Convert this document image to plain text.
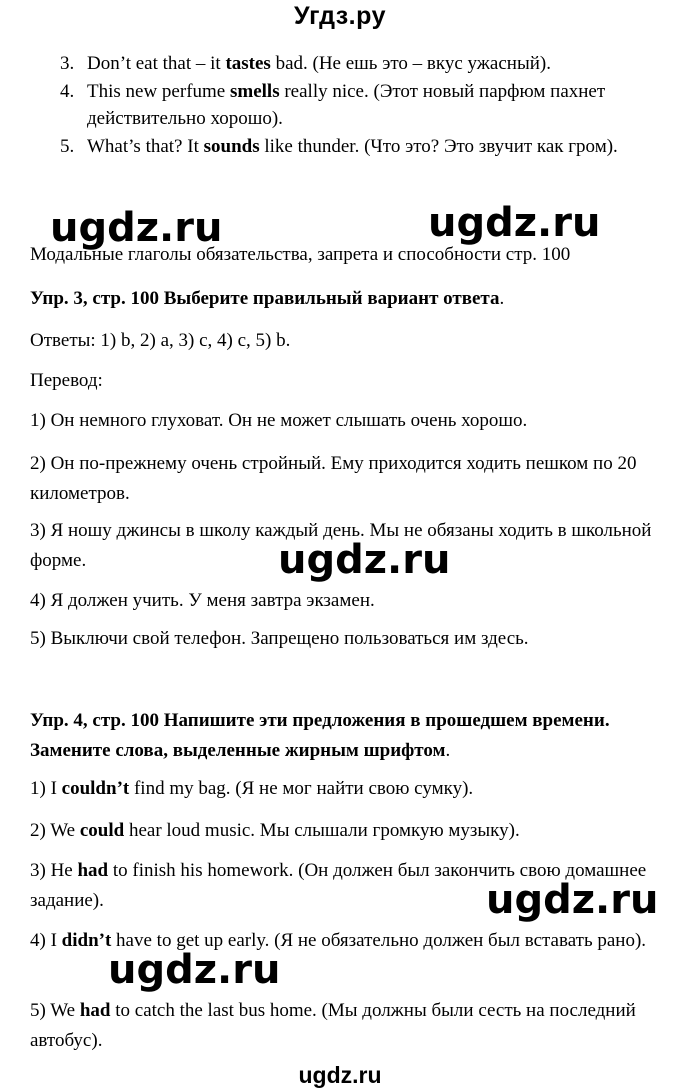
Угдз.ру
3. Don’t eat that – it tastes bad. (Не ешь это – вкус ужасный).
4. This new perfume smells really nice. (Этот новый парфюм пахнет действительно хорошо).
5. What’s that? It sounds like thunder. (Что это? Это звучит как гром).
ugdz.ru	ugdz.ru

Модальные глаголы обязательства, запрета и способности стр. 100

Упр. 3, стр. 100 Выберите правильный вариант ответа.

Ответы: 1) b, 2) a, 3) c, 4) c, 5) b.

Перевод:

1) Он немного глуховат. Он не может слышать очень хорошо.

2) Он по-прежнему очень стройный. Ему приходится ходить пешком по 20 километров.

3) Я ношу джинсы в школу каждый день. Мы не обязаны ходить в школьной форме.	ugdz.ru

4) Я должен учить. У меня завтра экзамен.

5) Выключи свой телефон. Запрещено пользоваться им здесь.

Упр. 4, стр. 100 Напишите эти предложения в прошедшем времени. Замените слова, выделенные жирным шрифтом.

1) I couldn’t find my bag. (Я не мог найти свою сумку).

2) We could hear loud music. Мы слышали громкую музыку).

3) He had to finish his homework. (Он должен был закончить свою домашнее задание).	ugdz.ru

4) I didn’t have to get up early. (Я не обязательно должен был вставать рано).

ugdz.ru

5) We had to catch the last bus home. (Мы должны были сесть на последний автобус).

ugdz.ru
